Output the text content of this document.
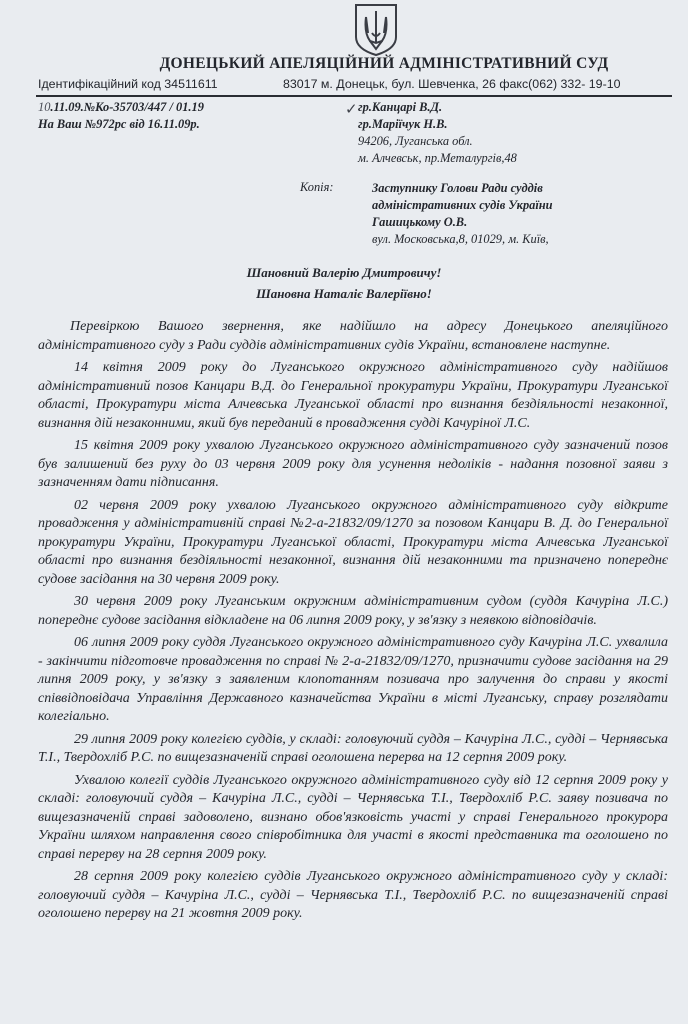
ДОНЕЦЬКИЙ АПЕЛЯЦІЙНИЙ АДМІНІСТРАТИВНИЙ СУД
Ідентифікаційний код 34511611	83017 м. Донецьк, бул. Шевченка, 26 факс(062) 332- 19-10
10.11.09.№Ко-35703/447 / 01.19
На Ваш №972рс від 16.11.09р.
✓ гр.Канцарі В.Д.
гр.Маріїчук Н.В.
94206, Луганська обл.
м. Алчевськ, пр.Металургів,48
Копія:	Заступнику Голови Ради суддів
адміністративних судів України
Гашицькому О.В.
вул. Московська,8, 01029, м. Київ,
Шановний Валерію Дмитровичу!
Шановна Наталіє Валеріївно!

Перевіркою Вашого звернення, яке надійшло на адресу Донецького апеляційного адміністративного суду з Ради суддів адміністративних судів України, встановлене наступне.

14 квітня 2009 року до Луганського окружного адміністративного суду надійшов адміністративний позов Канцари В.Д. до Генеральної прокуратури України, Прокуратури Луганської області, Прокуратури міста Алчевська Луганської області про визнання бездіяльності незаконної, визнання дій незаконними, який був переданий в провадження судді Качуріної Л.С.

15 квітня 2009 року ухвалою Луганського окружного адміністративного суду зазначений позов був залишений без руху до 03 червня 2009 року для усунення недоліків - надання позовної заяви з зазначенням дати підписання.

02 червня 2009 року ухвалою Луганського окружного адміністративного суду відкрите провадження у адміністративній справі №2-а-21832/09/1270 за позовом Канцари В. Д. до Генеральної прокуратури України, Прокуратури Луганської області, Прокуратури міста Алчевська Луганської області про визнання бездіяльності незаконної, визнання дій незаконними та призначено попереднє судове засідання на 30 червня 2009 року.

30 червня 2009 року Луганським окружним адміністративним судом (суддя Качуріна Л.С.) попереднє судове засідання відкладене на 06 липня 2009 року, у зв'язку з неявкою відповідачів.

06 липня 2009 року суддя Луганського окружного адміністративного суду Качуріна Л.С. ухвалила - закінчити підготовче провадження по справі № 2-а-21832/09/1270, призначити судове засідання на 29 липня 2009 року, у зв'язку з заявленим клопотанням позивача про залучення до справи у якості співвідповідача Управління Державного казначейства України в місті Луганську, справу розглядати колегіально.

29 липня 2009 року колегією суддів, у складі: головуючий суддя – Качуріна Л.С., судді – Чернявська Т.І., Твердохліб Р.С. по вищезазначеній справі оголошена перерва на 12 серпня 2009 року.

Ухвалою колегії суддів Луганського окружного адміністративного суду від 12 серпня 2009 року у складі: головуючий суддя – Качуріна Л.С., судді – Чернявська Т.І., Твердохліб Р.С. заяву позивача по вищезазначеній справі задоволено, визнано обов'язковість участі у справі Генерального прокурора України шляхом направлення свого співробітника для участі в якості представника та оголошено по справі перерву на 28 серпня 2009 року.

28 серпня 2009 року колегією суддів Луганського окружного адміністративного суду у складі: головуючий суддя – Качуріна Л.С., судді – Чернявська Т.І., Твердохліб Р.С. по вищезазначеній справі оголошено перерву на 21 жовтня 2009 року.
